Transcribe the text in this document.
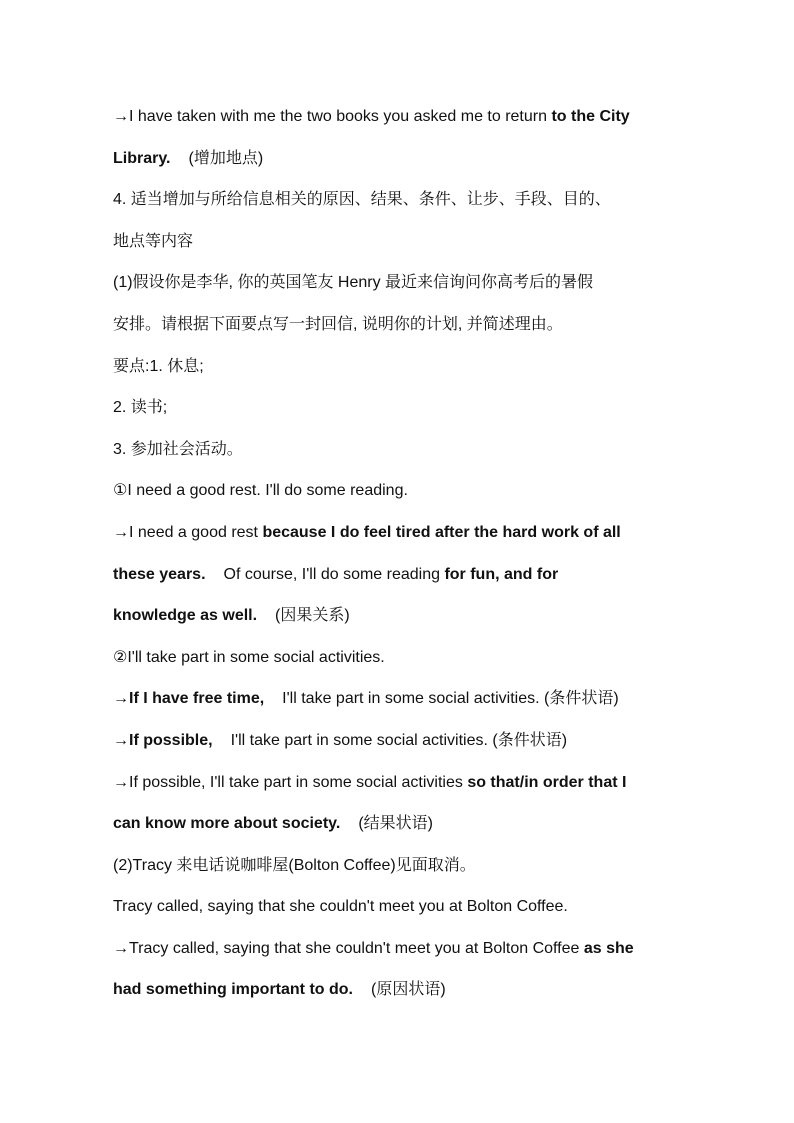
→I have taken with me the two books you asked me to return to the City
Library. (增加地点)
4. 适当增加与所给信息相关的原因、结果、条件、让步、手段、目的、
地点等内容
(1)假设你是李华, 你的英国笔友 Henry 最近来信询问你高考后的暑假
安排。请根据下面要点写一封回信, 说明你的计划, 并简述理由。
要点:1. 休息;
2. 读书;
3. 参加社会活动。
①I need a good rest. I'll do some reading.
→I need a good rest because I do feel tired after the hard work of all
these years. Of course, I'll do some reading for fun, and for
knowledge as well. (因果关系)
②I'll take part in some social activities.
→If I have free time, I'll take part in some social activities. (条件状语)
→If possible, I'll take part in some social activities. (条件状语)
→If possible, I'll take part in some social activities so that/in order that I
can know more about society. (结果状语)
(2)Tracy 来电话说咖啡屋(Bolton Coffee)见面取消。
Tracy called, saying that she couldn't meet you at Bolton Coffee.
→Tracy called, saying that she couldn't meet you at Bolton Coffee as she
had something important to do. (原因状语)
